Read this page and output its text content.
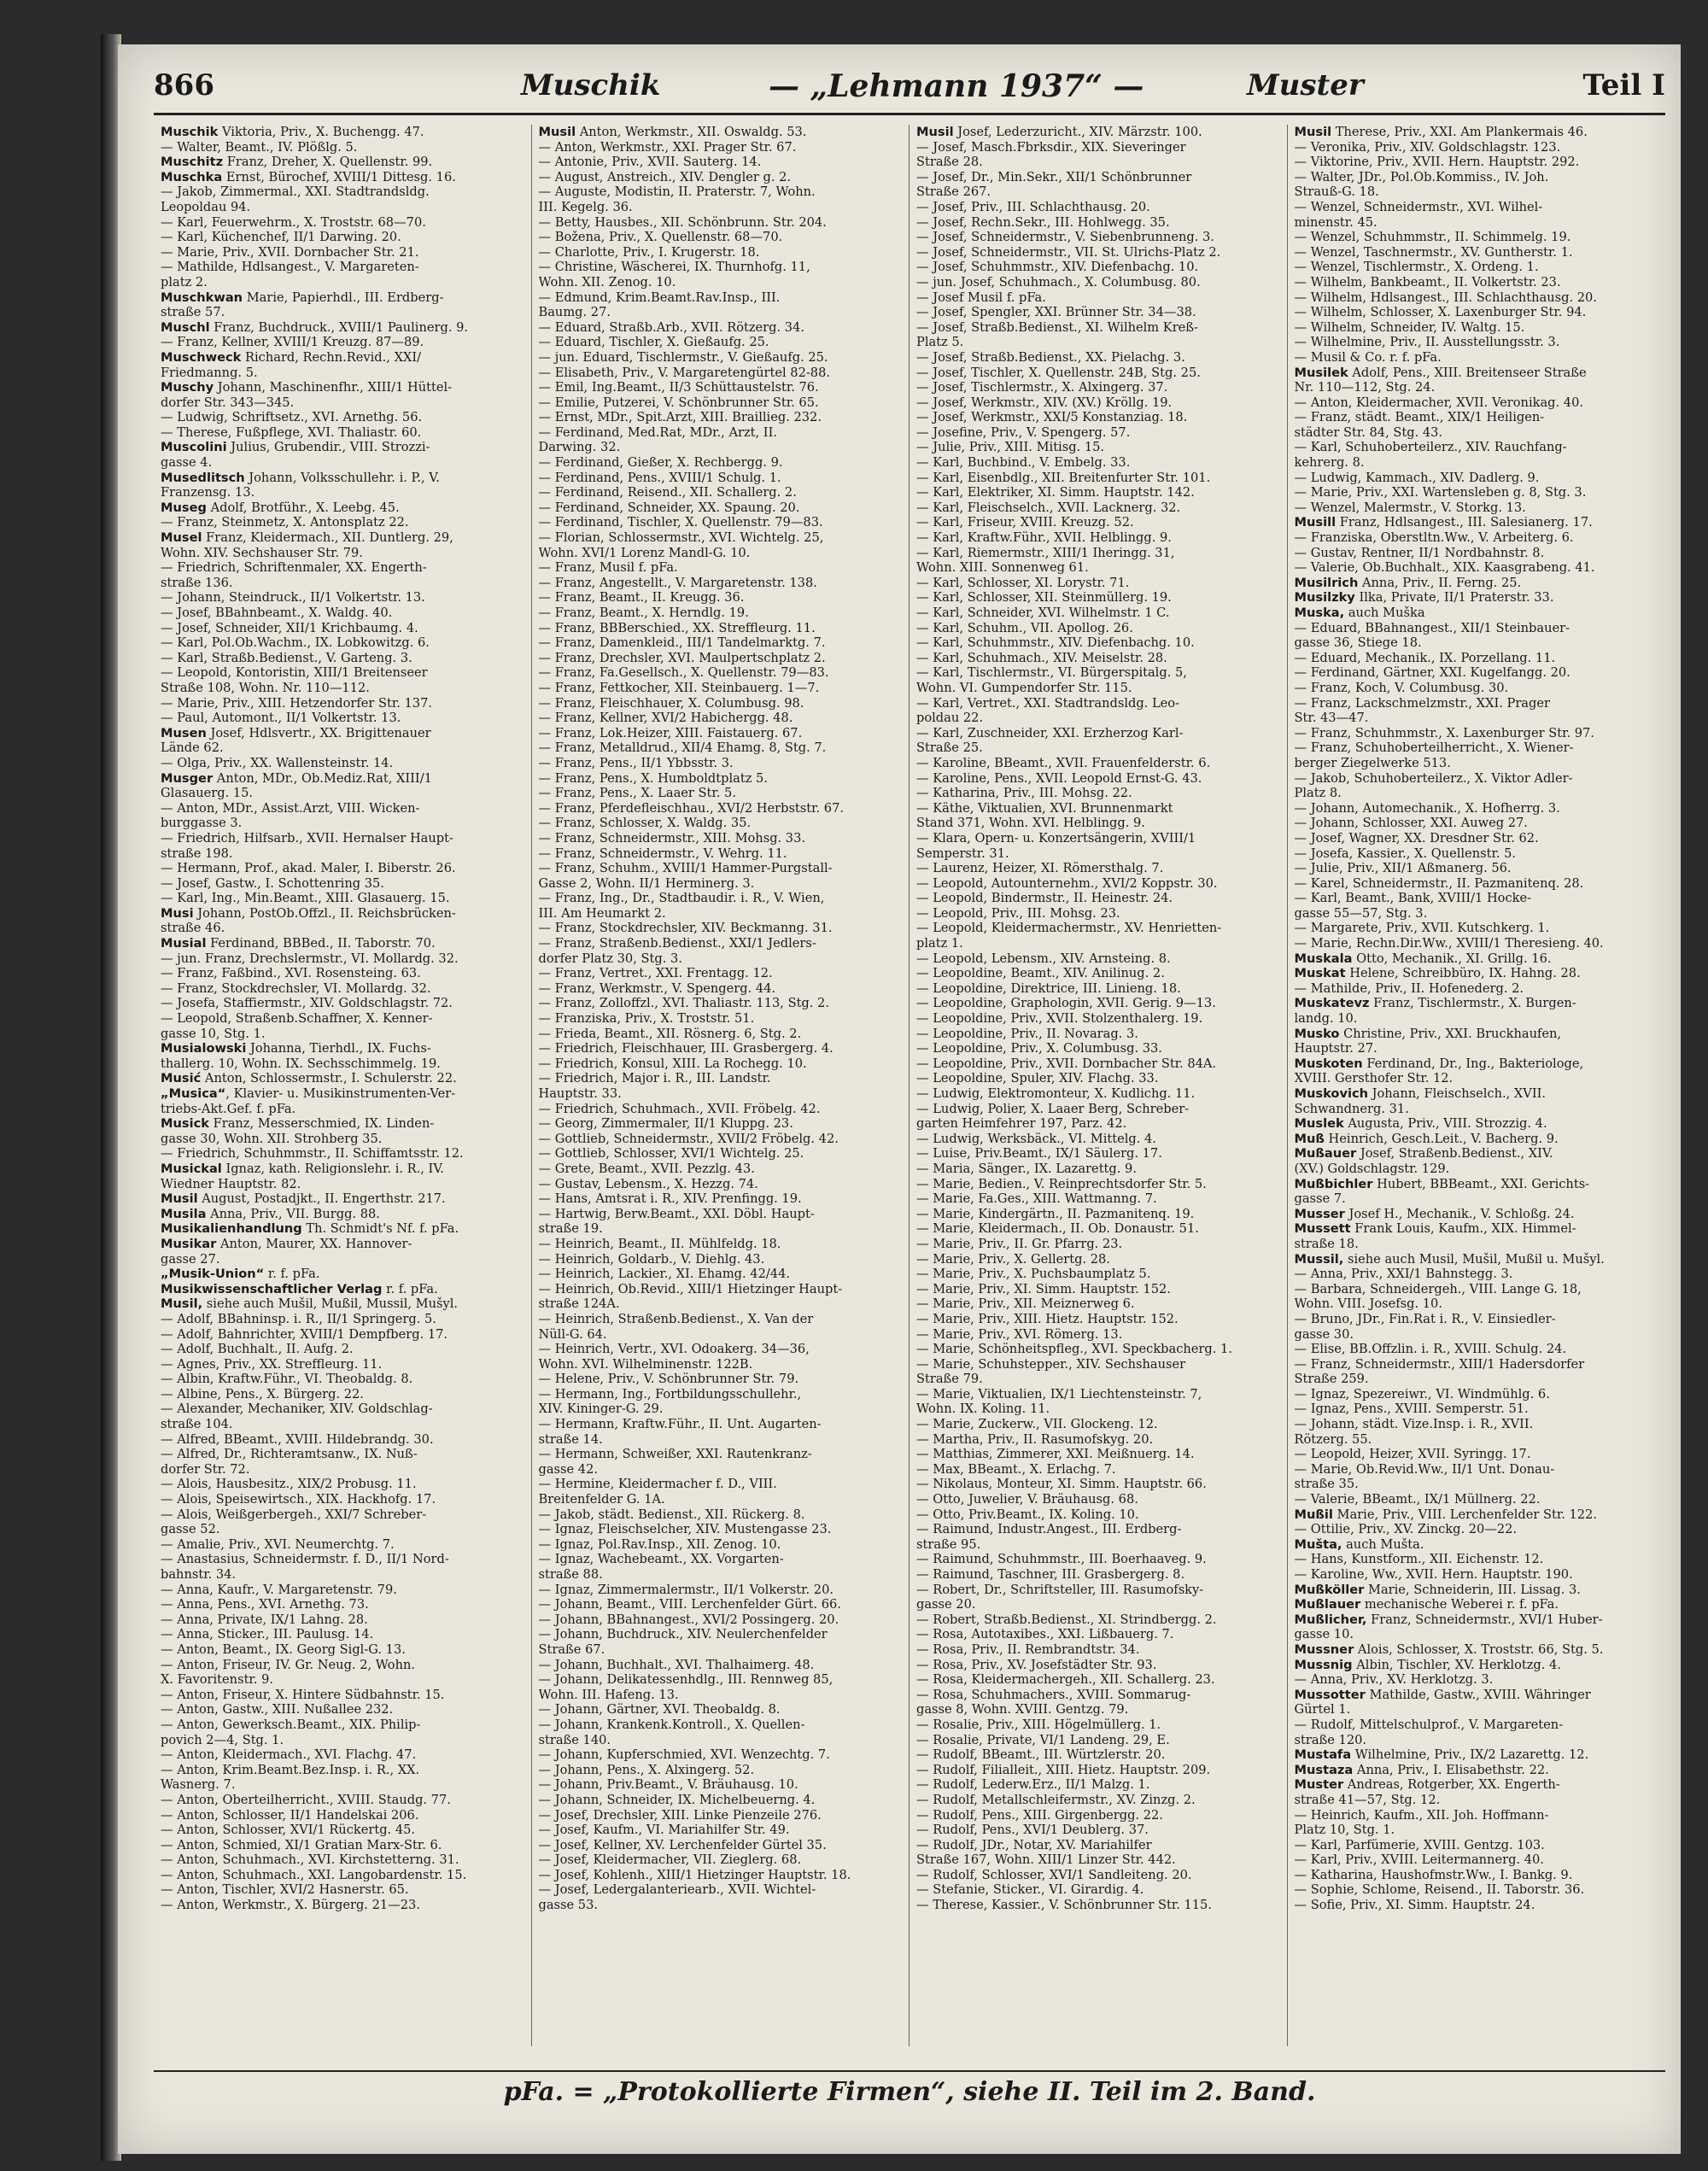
866	Muschik	— „Lehmann 1937“ —	Muster	Teil I
Muschik Viktoria, Priv., X. Buchengg. 47.
— Walter, Beamt., IV. Plößlg. 5.
Muschitz Franz, Dreher, X. Quellenstr. 99.
Muschka Ernst, Bürochef, XVIII/1 Dittesg. 16.
— Jakob, Zimmermal., XXI. Stadtrandsldg.
Leopoldau 94.
— Karl, Feuerwehrm., X. Troststr. 68—70.
— Karl, Küchenchef, II/1 Darwing. 20.
— Marie, Priv., XVII. Dornbacher Str. 21.
— Mathilde, Hdlsangest., V. Margareten-
platz 2.
Muschkwan Marie, Papierhdl., III. Erdberg-
straße 57.
Muschl Franz, Buchdruck., XVIII/1 Paulinerg. 9.
— Franz, Kellner, XVIII/1 Kreuzg. 87—89.
Muschweck Richard, Rechn.Revid., XXI/
Friedmanng. 5.
Muschy Johann, Maschinenfhr., XIII/1 Hüttel-
dorfer Str. 343—345.
— Ludwig, Schriftsetz., XVI. Arnethg. 56.
— Therese, Fußpflege, XVI. Thaliastr. 60.
Muscolini Julius, Grubendir., VIII. Strozzi-
gasse 4.
Musedlitsch Johann, Volksschullehr. i. P., V.
Franzensg. 13.
Museg Adolf, Brotführ., X. Leebg. 45.
— Franz, Steinmetz, X. Antonsplatz 22.
Musel Franz, Kleidermach., XII. Duntlerg. 29,
Wohn. XIV. Sechshauser Str. 79.
— Friedrich, Schriftenmaler, XX. Engerth-
straße 136.
— Johann, Steindruck., II/1 Volkertstr. 13.
— Josef, BBahnbeamt., X. Waldg. 40.
— Josef, Schneider, XII/1 Krichbaumg. 4.
— Karl, Pol.Ob.Wachm., IX. Lobkowitzg. 6.
— Karl, Straßb.Bedienst., V. Garteng. 3.
— Leopold, Kontoristin, XIII/1 Breitenseer
Straße 108, Wohn. Nr. 110—112.
— Marie, Priv., XIII. Hetzendorfer Str. 137.
— Paul, Automont., II/1 Volkertstr. 13.
Musen Josef, Hdlsvertr., XX. Brigittenauer
Lände 62.
— Olga, Priv., XX. Wallensteinstr. 14.
Musger Anton, MDr., Ob.Mediz.Rat, XIII/1
Glasauerg. 15.
— Anton, MDr., Assist.Arzt, VIII. Wicken-
burggasse 3.
— Friedrich, Hilfsarb., XVII. Hernalser Haupt-
straße 198.
— Hermann, Prof., akad. Maler, I. Biberstr. 26.
— Josef, Gastw., I. Schottenring 35.
— Karl, Ing., Min.Beamt., XIII. Glasauerg. 15.
Musi Johann, PostOb.Offzl., II. Reichsbrücken-
straße 46.
Musial Ferdinand, BBBed., II. Taborstr. 70.
— jun. Franz, Drechslermstr., VI. Mollardg. 32.
— Franz, Faßbind., XVI. Rosensteing. 63.
— Franz, Stockdrechsler, VI. Mollardg. 32.
— Josefa, Staffiermstr., XIV. Goldschlagstr. 72.
— Leopold, Straßenb.Schaffner, X. Kenner-
gasse 10, Stg. 1.
Musialowski Johanna, Tierhdl., IX. Fuchs-
thallerg. 10, Wohn. IX. Sechsschimmelg. 19.
Musić Anton, Schlossermstr., I. Schulerstr. 22.
„Musica“, Klavier- u. Musikinstrumenten-Ver-
triebs-Akt.Gef. f. pFa.
Musick Franz, Messerschmied, IX. Linden-
gasse 30, Wohn. XII. Strohberg 35.
— Friedrich, Schuhmmstr., II. Schiffamtsstr. 12.
Musickal Ignaz, kath. Religionslehr. i. R., IV.
Wiedner Hauptstr. 82.
Musil August, Postadjkt., II. Engerthstr. 217.
Musila Anna, Priv., VII. Burgg. 88.
Musikalienhandlung Th. Schmidt's Nf. f. pFa.
Musikar Anton, Maurer, XX. Hannover-
gasse 27.
„Musik-Union“ r. f. pFa.
Musikwissenschaftlicher Verlag r. f. pFa.
Musil, siehe auch Mušil, Mußil, Mussil, Mušyl.
— Adolf, BBahninsp. i. R., II/1 Springerg. 5.
— Adolf, Bahnrichter, XVIII/1 Dempfberg. 17.
— Adolf, Buchhalt., II. Aufg. 2.
— Agnes, Priv., XX. Streffleurg. 11.
— Albin, Kraftw.Führ., VI. Theobaldg. 8.
— Albine, Pens., X. Bürgerg. 22.
— Alexander, Mechaniker, XIV. Goldschlag-
straße 104.
— Alfred, BBeamt., XVIII. Hildebrandg. 30.
— Alfred, Dr., Richteramtsanw., IX. Nuß-
dorfer Str. 72.
— Alois, Hausbesitz., XIX/2 Probusg. 11.
— Alois, Speisewirtsch., XIX. Hackhofg. 17.
— Alois, Weißgerbergeh., XXI/7 Schreber-
gasse 52.
— Amalie, Priv., XVI. Neumerchtg. 7.
— Anastasius, Schneidermstr. f. D., II/1 Nord-
bahnstr. 34.
— Anna, Kaufr., V. Margaretenstr. 79.
— Anna, Pens., XVI. Arnethg. 73.
— Anna, Private, IX/1 Lahng. 28.
— Anna, Sticker., III. Paulusg. 14.
— Anton, Beamt., IX. Georg Sigl-G. 13.
— Anton, Friseur, IV. Gr. Neug. 2, Wohn.
X. Favoritenstr. 9.
— Anton, Friseur, X. Hintere Südbahnstr. 15.
— Anton, Gastw., XIII. Nußallee 232.
— Anton, Gewerksch.Beamt., XIX. Philip-
povich 2—4, Stg. 1.
— Anton, Kleidermach., XVI. Flachg. 47.
— Anton, Krim.Beamt.Bez.Insp. i. R., XX.
Wasnerg. 7.
— Anton, Oberteilherricht., XVIII. Staudg. 77.
— Anton, Schlosser, II/1 Handelskai 206.
— Anton, Schlosser, XVI/1 Rückertg. 45.
— Anton, Schmied, XI/1 Gratian Marx-Str. 6.
— Anton, Schuhmach., XVI. Kirchstetterng. 31.
— Anton, Schuhmach., XXI. Langobardenstr. 15.
— Anton, Tischler, XVI/2 Hasnerstr. 65.
— Anton, Werkmstr., X. Bürgerg. 21—23.
Musil Anton, Werkmstr., XII. Oswaldg. 53.
— Anton, Werkmstr., XXI. Prager Str. 67.
— Antonie, Priv., XVII. Sauterg. 14.
— August, Anstreich., XIV. Dengler g. 2.
— Auguste, Modistin, II. Praterstr. 7, Wohn.
III. Kegelg. 36.
— Betty, Hausbes., XII. Schönbrunn. Str. 204.
— Božena, Priv., X. Quellenstr. 68—70.
— Charlotte, Priv., I. Krugerstr. 18.
— Christine, Wäscherei, IX. Thurnhofg. 11,
Wohn. XII. Zenog. 10.
— Edmund, Krim.Beamt.Rav.Insp., III.
Baumg. 27.
— Eduard, Straßb.Arb., XVII. Rötzerg. 34.
— Eduard, Tischler, X. Gießaufg. 25.
— jun. Eduard, Tischlermstr., V. Gießaufg. 25.
— Elisabeth, Priv., V. Margaretengürtel 82-88.
— Emil, Ing.Beamt., II/3 Schüttaustelstr. 76.
— Emilie, Putzerei, V. Schönbrunner Str. 65.
— Ernst, MDr., Spit.Arzt, XIII. Braillieg. 232.
— Ferdinand, Med.Rat, MDr., Arzt, II.
Darwing. 32.
— Ferdinand, Gießer, X. Rechbergg. 9.
— Ferdinand, Pens., XVIII/1 Schulg. 1.
— Ferdinand, Reisend., XII. Schallerg. 2.
— Ferdinand, Schneider, XX. Spaung. 20.
— Ferdinand, Tischler, X. Quellenstr. 79—83.
— Florian, Schlossermstr., XVI. Wichtelg. 25,
Wohn. XVI/1 Lorenz Mandl-G. 10.
— Franz, Musil f. pFa.
— Franz, Angestellt., V. Margaretenstr. 138.
— Franz, Beamt., II. Kreugg. 36.
— Franz, Beamt., X. Herndlg. 19.
— Franz, BBBerschied., XX. Streffleurg. 11.
— Franz, Damenkleid., III/1 Tandelmarktg. 7.
— Franz, Drechsler, XVI. Maulpertschplatz 2.
— Franz, Fa.Gesellsch., X. Quellenstr. 79—83.
— Franz, Fettkocher, XII. Steinbauerg. 1—7.
— Franz, Fleischhauer, X. Columbusg. 98.
— Franz, Kellner, XVI/2 Habichergg. 48.
— Franz, Lok.Heizer, XIII. Faistauerg. 67.
— Franz, Metalldrud., XII/4 Ehamg. 8, Stg. 7.
— Franz, Pens., II/1 Ybbsstr. 3.
— Franz, Pens., X. Humboldtplatz 5.
— Franz, Pens., X. Laaer Str. 5.
— Franz, Pferdefleischhau., XVI/2 Herbststr. 67.
— Franz, Schlosser, X. Waldg. 35.
— Franz, Schneidermstr., XIII. Mohsg. 33.
— Franz, Schneidermstr., V. Wehrg. 11.
— Franz, Schuhm., XVIII/1 Hammer-Purgstall-
Gasse 2, Wohn. II/1 Herminerg. 3.
— Franz, Ing., Dr., Stadtbaudir. i. R., V. Wien,
III. Am Heumarkt 2.
— Franz, Stockdrechsler, XIV. Beckmanng. 31.
— Franz, Straßenb.Bedienst., XXI/1 Jedlers-
dorfer Platz 30, Stg. 3.
— Franz, Vertret., XXI. Frentagg. 12.
— Franz, Werkmstr., V. Spengerg. 44.
— Franz, Zolloffzl., XVI. Thaliastr. 113, Stg. 2.
— Franziska, Priv., X. Troststr. 51.
— Frieda, Beamt., XII. Rösnerg. 6, Stg. 2.
— Friedrich, Fleischhauer, III. Grasbergerg. 4.
— Friedrich, Konsul, XIII. La Rochegg. 10.
— Friedrich, Major i. R., III. Landstr.
Hauptstr. 33.
— Friedrich, Schuhmach., XVII. Fröbelg. 42.
— Georg, Zimmermaler, II/1 Kluppg. 23.
— Gottlieb, Schneidermstr., XVII/2 Fröbelg. 42.
— Gottlieb, Schlosser, XVI/1 Wichtelg. 25.
— Grete, Beamt., XVII. Pezzlg. 43.
— Gustav, Lebensm., X. Hezzg. 74.
— Hans, Amtsrat i. R., XIV. Prenfingg. 19.
— Hartwig, Berw.Beamt., XXI. Döbl. Haupt-
straße 19.
— Heinrich, Beamt., II. Mühlfeldg. 18.
— Heinrich, Goldarb., V. Diehlg. 43.
— Heinrich, Lackier., XI. Ehamg. 42/44.
— Heinrich, Ob.Revid., XIII/1 Hietzinger Haupt-
straße 124A.
— Heinrich, Straßenb.Bedienst., X. Van der
Nüll-G. 64.
— Heinrich, Vertr., XVI. Odoakerg. 34—36,
Wohn. XVI. Wilhelminenstr. 122B.
— Helene, Priv., V. Schönbrunner Str. 79.
— Hermann, Ing., Fortbildungsschullehr.,
XIV. Kininger-G. 29.
— Hermann, Kraftw.Führ., II. Unt. Augarten-
straße 14.
— Hermann, Schweißer, XXI. Rautenkranz-
gasse 42.
— Hermine, Kleidermacher f. D., VIII.
Breitenfelder G. 1A.
— Jakob, städt. Bedienst., XII. Rückerg. 8.
— Ignaz, Fleischselcher, XIV. Mustengasse 23.
— Ignaz, Pol.Rav.Insp., XII. Zenog. 10.
— Ignaz, Wachebeamt., XX. Vorgarten-
straße 88.
— Ignaz, Zimmermalermstr., II/1 Volkerstr. 20.
— Johann, Beamt., VIII. Lerchenfelder Gürt. 66.
— Johann, BBahnangest., XVI/2 Possingerg. 20.
— Johann, Buchdruck., XIV. Neulerchenfelder
Straße 67.
— Johann, Buchhalt., XVI. Thalhaimerg. 48.
— Johann, Delikatessenhdlg., III. Rennweg 85,
Wohn. III. Hafeng. 13.
— Johann, Gärtner, XVI. Theobaldg. 8.
— Johann, Krankenk.Kontroll., X. Quellen-
straße 140.
— Johann, Kupferschmied, XVI. Wenzechtg. 7.
— Johann, Pens., X. Alxingerg. 52.
— Johann, Priv.Beamt., V. Bräuhausg. 10.
— Johann, Schneider, IX. Michelbeuerng. 4.
— Josef, Drechsler, XIII. Linke Pienzeile 276.
— Josef, Kaufm., VI. Mariahilfer Str. 49.
— Josef, Kellner, XV. Lerchenfelder Gürtel 35.
— Josef, Kleidermacher, VII. Zieglerg. 68.
— Josef, Kohlenh., XIII/1 Hietzinger Hauptstr. 18.
— Josef, Ledergalanteriearb., XVII. Wichtel-
gasse 53.
Musil Josef, Lederzuricht., XIV. Märzstr. 100.
— Josef, Masch.Fbrksdir., XIX. Sieveringer
Straße 28.
— Josef, Dr., Min.Sekr., XII/1 Schönbrunner
Straße 267.
— Josef, Priv., III. Schlachthausg. 20.
— Josef, Rechn.Sekr., III. Hohlwegg. 35.
— Josef, Schneidermstr., V. Siebenbrunneng. 3.
— Josef, Schneidermstr., VII. St. Ulrichs-Platz 2.
— Josef, Schuhmmstr., XIV. Diefenbachg. 10.
— jun. Josef, Schuhmach., X. Columbusg. 80.
— Josef Musil f. pFa.
— Josef, Spengler, XXI. Brünner Str. 34—38.
— Josef, Straßb.Bedienst., XI. Wilhelm Kreß-
Platz 5.
— Josef, Straßb.Bedienst., XX. Pielachg. 3.
— Josef, Tischler, X. Quellenstr. 24B, Stg. 25.
— Josef, Tischlermstr., X. Alxingerg. 37.
— Josef, Werkmstr., XIV. (XV.) Kröllg. 19.
— Josef, Werkmstr., XXI/5 Konstanziag. 18.
— Josefine, Priv., V. Spengerg. 57.
— Julie, Priv., XIII. Mitisg. 15.
— Karl, Buchbind., V. Embelg. 33.
— Karl, Eisenbdlg., XII. Breitenfurter Str. 101.
— Karl, Elektriker, XI. Simm. Hauptstr. 142.
— Karl, Fleischselch., XVII. Lacknerg. 32.
— Karl, Friseur, XVIII. Kreuzg. 52.
— Karl, Kraftw.Führ., XVII. Helblingg. 9.
— Karl, Riemermstr., XIII/1 Iheringg. 31,
Wohn. XIII. Sonnenweg 61.
— Karl, Schlosser, XI. Lorystr. 71.
— Karl, Schlosser, XII. Steinmüllerg. 19.
— Karl, Schneider, XVI. Wilhelmstr. 1 C.
— Karl, Schuhm., VII. Apollog. 26.
— Karl, Schuhmmstr., XIV. Diefenbachg. 10.
— Karl, Schuhmach., XIV. Meiselstr. 28.
— Karl, Tischlermstr., VI. Bürgerspitalg. 5,
Wohn. VI. Gumpendorfer Str. 115.
— Karl, Vertret., XXI. Stadtrandsldg. Leo-
poldau 22.
— Karl, Zuschneider, XXI. Erzherzog Karl-
Straße 25.
— Karoline, BBeamt., XVII. Frauenfelderstr. 6.
— Karoline, Pens., XVII. Leopold Ernst-G. 43.
— Katharina, Priv., III. Mohsg. 22.
— Käthe, Viktualien, XVI. Brunnenmarkt
Stand 371, Wohn. XVI. Helblingg. 9.
— Klara, Opern- u. Konzertsängerin, XVIII/1
Semperstr. 31.
— Laurenz, Heizer, XI. Römersthalg. 7.
— Leopold, Autounternehm., XVI/2 Koppstr. 30.
— Leopold, Bindermstr., II. Heinestr. 24.
— Leopold, Priv., III. Mohsg. 23.
— Leopold, Kleidermachermstr., XV. Henrietten-
platz 1.
— Leopold, Lebensm., XIV. Arnsteing. 8.
— Leopoldine, Beamt., XIV. Anilinug. 2.
— Leopoldine, Direktrice, III. Linieng. 18.
— Leopoldine, Graphologin, XVII. Gerig. 9—13.
— Leopoldine, Priv., XVII. Stolzenthalerg. 19.
— Leopoldine, Priv., II. Novarag. 3.
— Leopoldine, Priv., X. Columbusg. 33.
— Leopoldine, Priv., XVII. Dornbacher Str. 84A.
— Leopoldine, Spuler, XIV. Flachg. 33.
— Ludwig, Elektromonteur, X. Kudlichg. 11.
— Ludwig, Polier, X. Laaer Berg, Schreber-
garten Heimfehrer 197, Parz. 42.
— Ludwig, Werksbäck., VI. Mittelg. 4.
— Luise, Priv.Beamt., IX/1 Säulerg. 17.
— Maria, Sänger., IX. Lazarettg. 9.
— Marie, Bedien., V. Reinprechtsdorfer Str. 5.
— Marie, Fa.Ges., XIII. Wattmanng. 7.
— Marie, Kindergärtn., II. Pazmanitenq. 19.
— Marie, Kleidermach., II. Ob. Donaustr. 51.
— Marie, Priv., II. Gr. Pfarrg. 23.
— Marie, Priv., X. Gellertg. 28.
— Marie, Priv., X. Puchsbaumplatz 5.
— Marie, Priv., XI. Simm. Hauptstr. 152.
— Marie, Priv., XII. Meiznerweg 6.
— Marie, Priv., XIII. Hietz. Hauptstr. 152.
— Marie, Priv., XVI. Römerg. 13.
— Marie, Schönheitspfleg., XVI. Speckbacherg. 1.
— Marie, Schuhstepper., XIV. Sechshauser
Straße 79.
— Marie, Viktualien, IX/1 Liechtensteinstr. 7,
Wohn. IX. Koling. 11.
— Marie, Zuckerw., VII. Glockeng. 12.
— Martha, Priv., II. Rasumofskyg. 20.
— Matthias, Zimmerer, XXI. Meißnuerg. 14.
— Max, BBeamt., X. Erlachg. 7.
— Nikolaus, Monteur, XI. Simm. Hauptstr. 66.
— Otto, Juwelier, V. Bräuhausg. 68.
— Otto, Priv.Beamt., IX. Koling. 10.
— Raimund, Industr.Angest., III. Erdberg-
straße 95.
— Raimund, Schuhmmstr., III. Boerhaaveg. 9.
— Raimund, Taschner, III. Grasbergerg. 8.
— Robert, Dr., Schriftsteller, III. Rasumofsky-
gasse 20.
— Robert, Straßb.Bedienst., XI. Strindbergg. 2.
— Rosa, Autotaxibes., XXI. Lißbauerg. 7.
— Rosa, Priv., II. Rembrandtstr. 34.
— Rosa, Priv., XV. Josefstädter Str. 93.
— Rosa, Kleidermachergeh., XII. Schallerg. 23.
— Rosa, Schuhmachers., XVIII. Sommarug-
gasse 8, Wohn. XVIII. Gentzg. 79.
— Rosalie, Priv., XIII. Högelmüllerg. 1.
— Rosalie, Private, VI/1 Landeng. 29, E.
— Rudolf, BBeamt., III. Würtzlerstr. 20.
— Rudolf, Filialleit., XIII. Hietz. Hauptstr. 209.
— Rudolf, Lederw.Erz., II/1 Malzg. 1.
— Rudolf, Metallschleifermstr., XV. Zinzg. 2.
— Rudolf, Pens., XIII. Girgenbergg. 22.
— Rudolf, Pens., XVI/1 Deublerg. 37.
— Rudolf, JDr., Notar, XV. Mariahilfer
Straße 167, Wohn. XIII/1 Linzer Str. 442.
— Rudolf, Schlosser, XVI/1 Sandleiteng. 20.
— Stefanie, Sticker., VI. Girardig. 4.
— Therese, Kassier., V. Schönbrunner Str. 115.
Musil Therese, Priv., XXI. Am Plankermais 46.
— Veronika, Priv., XIV. Goldschlagstr. 123.
— Viktorine, Priv., XVII. Hern. Hauptstr. 292.
— Walter, JDr., Pol.Ob.Kommiss., IV. Joh.
Strauß-G. 18.
— Wenzel, Schneidermstr., XVI. Wilhel-
minenstr. 45.
— Wenzel, Schuhmmstr., II. Schimmelg. 19.
— Wenzel, Taschnermstr., XV. Guntherstr. 1.
— Wenzel, Tischlermstr., X. Ordeng. 1.
— Wilhelm, Bankbeamt., II. Volkertstr. 23.
— Wilhelm, Hdlsangest., III. Schlachthausg. 20.
— Wilhelm, Schlosser, X. Laxenburger Str. 94.
— Wilhelm, Schneider, IV. Waltg. 15.
— Wilhelmine, Priv., II. Ausstellungsstr. 3.
— Musil & Co. r. f. pFa.
Musilek Adolf, Pens., XIII. Breitenseer Straße
Nr. 110—112, Stg. 24.
— Anton, Kleidermacher, XVII. Veronikag. 40.
— Franz, städt. Beamt., XIX/1 Heiligen-
städter Str. 84, Stg. 43.
— Karl, Schuhoberteilerz., XIV. Rauchfang-
kehrerg. 8.
— Ludwig, Kammach., XIV. Dadlerg. 9.
— Marie, Priv., XXI. Wartensleben g. 8, Stg. 3.
— Wenzel, Malermstr., V. Storkg. 13.
Musill Franz, Hdlsangest., III. Salesianerg. 17.
— Franziska, Oberstltn.Ww., V. Arbeiterg. 6.
— Gustav, Rentner, II/1 Nordbahnstr. 8.
— Valerie, Ob.Buchhalt., XIX. Kaasgrabeng. 41.
Musilrich Anna, Priv., II. Ferng. 25.
Musilzky Ilka, Private, II/1 Praterstr. 33.
Muska, auch Muška
— Eduard, BBahnangest., XII/1 Steinbauer-
gasse 36, Stiege 18.
— Eduard, Mechanik., IX. Porzellang. 11.
— Ferdinand, Gärtner, XXI. Kugelfangg. 20.
— Franz, Koch, V. Columbusg. 30.
— Franz, Lackschmelzmstr., XXI. Prager
Str. 43—47.
— Franz, Schuhmmstr., X. Laxenburger Str. 97.
— Franz, Schuhoberteilherricht., X. Wiener-
berger Ziegelwerke 513.
— Jakob, Schuhoberteilerz., X. Viktor Adler-
Platz 8.
— Johann, Automechanik., X. Hofherrg. 3.
— Johann, Schlosser, XXI. Auweg 27.
— Josef, Wagner, XX. Dresdner Str. 62.
— Josefa, Kassier., X. Quellenstr. 5.
— Julie, Priv., XII/1 Aßmanerg. 56.
— Karel, Schneidermstr., II. Pazmanitenq. 28.
— Karl, Beamt., Bank, XVIII/1 Hocke-
gasse 55—57, Stg. 3.
— Margarete, Priv., XVII. Kutschkerg. 1.
— Marie, Rechn.Dir.Ww., XVIII/1 Theresieng. 40.
Muskala Otto, Mechanik., XI. Grillg. 16.
Muskat Helene, Schreibbüro, IX. Hahng. 28.
— Mathilde, Priv., II. Hofenederg. 2.
Muskatevz Franz, Tischlermstr., X. Burgen-
landg. 10.
Musko Christine, Priv., XXI. Bruckhaufen,
Hauptstr. 27.
Muskoten Ferdinand, Dr., Ing., Bakteriologe,
XVIII. Gersthofer Str. 12.
Muskovich Johann, Fleischselch., XVII.
Schwandnerg. 31.
Muslek Augusta, Priv., VIII. Strozzig. 4.
Muß Heinrich, Gesch.Leit., V. Bacherg. 9.
Mußauer Josef, Straßenb.Bedienst., XIV.
(XV.) Goldschlagstr. 129.
Mußbichler Hubert, BBBeamt., XXI. Gerichts-
gasse 7.
Musser Josef H., Mechanik., V. Schloßg. 24.
Mussett Frank Louis, Kaufm., XIX. Himmel-
straße 18.
Mussil, siehe auch Musil, Mušil, Mußil u. Mušyl.
— Anna, Priv., XXI/1 Bahnstegg. 3.
— Barbara, Schneidergeh., VIII. Lange G. 18,
Wohn. VIII. Josefsg. 10.
— Bruno, JDr., Fin.Rat i. R., V. Einsiedler-
gasse 30.
— Elise, BB.Offzlin. i. R., XVIII. Schulg. 24.
— Franz, Schneidermstr., XIII/1 Hadersdorfer
Straße 259.
— Ignaz, Spezereiwr., VI. Windmühlg. 6.
— Ignaz, Pens., XVIII. Semperstr. 51.
— Johann, städt. Vize.Insp. i. R., XVII.
Rötzerg. 55.
— Leopold, Heizer, XVII. Syringg. 17.
— Marie, Ob.Revid.Ww., II/1 Unt. Donau-
straße 35.
— Valerie, BBeamt., IX/1 Müllnerg. 22.
Mußil Marie, Priv., VIII. Lerchenfelder Str. 122.
— Ottilie, Priv., XV. Zinckg. 20—22.
Mušta, auch Mušta.
— Hans, Kunstform., XII. Eichenstr. 12.
— Karoline, Ww., XVII. Hern. Hauptstr. 190.
Mußköller Marie, Schneiderin, III. Lissag. 3.
Mußlauer mechanische Weberei r. f. pFa.
Mußlicher, Franz, Schneidermstr., XVI/1 Huber-
gasse 10.
Mussner Alois, Schlosser, X. Troststr. 66, Stg. 5.
Mussnig Albin, Tischler, XV. Herklotzg. 4.
— Anna, Priv., XV. Herklotzg. 3.
Mussotter Mathilde, Gastw., XVIII. Währinger
Gürtel 1.
— Rudolf, Mittelschulprof., V. Margareten-
straße 120.
Mustafa Wilhelmine, Priv., IX/2 Lazarettg. 12.
Mustaza Anna, Priv., I. Elisabethstr. 22.
Muster Andreas, Rotgerber, XX. Engerth-
straße 41—57, Stg. 12.
— Heinrich, Kaufm., XII. Joh. Hoffmann-
Platz 10, Stg. 1.
— Karl, Parfümerie, XVIII. Gentzg. 103.
— Karl, Priv., XVIII. Leitermannerg. 40.
— Katharina, Haushofmstr.Ww., I. Bankg. 9.
— Sophie, Schlome, Reisend., II. Taborstr. 36.
— Sofie, Priv., XI. Simm. Hauptstr. 24.
pFa. = „Protokollierte Firmen“, siehe II. Teil im 2. Band.
